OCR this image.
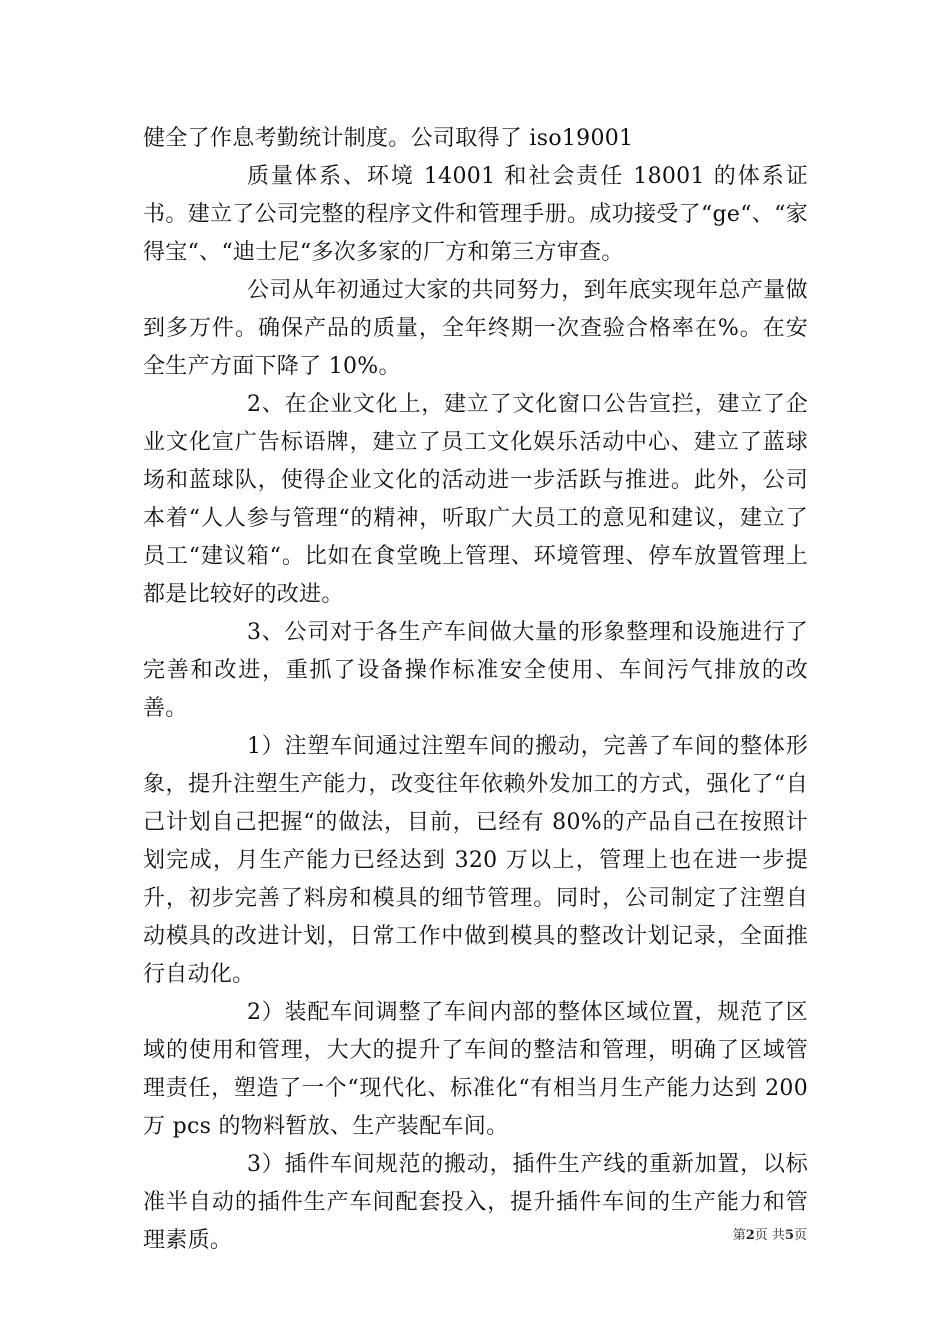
健全了作息考勤统计制度。公司取得了 iso19001

质量体系、环境 14001 和社会责任 18001 的体系证书。建立了公司完整的程序文件和管理手册。成功接受了“ge“、“家得宝“、“迪士尼“多次多家的厂方和第三方审查。

公司从年初通过大家的共同努力，到年底实现年总产量做到多万件。确保产品的质量，全年终期一次查验合格率在%。在安全生产方面下降了 10%。

2、在企业文化上，建立了文化窗口公告宣拦，建立了企业文化宣广告标语牌，建立了员工文化娱乐活动中心、建立了蓝球场和蓝球队，使得企业文化的活动进一步活跃与推进。此外，公司本着“人人参与管理“的精神，听取广大员工的意见和建议，建立了员工“建议箱“。比如在食堂晚上管理、环境管理、停车放置管理上都是比较好的改进。

3、公司对于各生产车间做大量的形象整理和设施进行了完善和改进，重抓了设备操作标准安全使用、车间污气排放的改善。

1）注塑车间通过注塑车间的搬动，完善了车间的整体形象，提升注塑生产能力，改变往年依赖外发加工的方式，强化了“自己计划自己把握“的做法，目前，已经有 80%的产品自己在按照计划完成，月生产能力已经达到 320 万以上，管理上也在进一步提升，初步完善了料房和模具的细节管理。同时，公司制定了注塑自动模具的改进计划，日常工作中做到模具的整改计划记录，全面推行自动化。

2）装配车间调整了车间内部的整体区域位置，规范了区域的使用和管理，大大的提升了车间的整洁和管理，明确了区域管理责任，塑造了一个“现代化、标准化“有相当月生产能力达到 200 万 pcs 的物料暂放、生产装配车间。

3）插件车间规范的搬动，插件生产线的重新加置，以标准半自动的插件生产车间配套投入，提升插件车间的生产能力和管理素质。	第2页 共5页
